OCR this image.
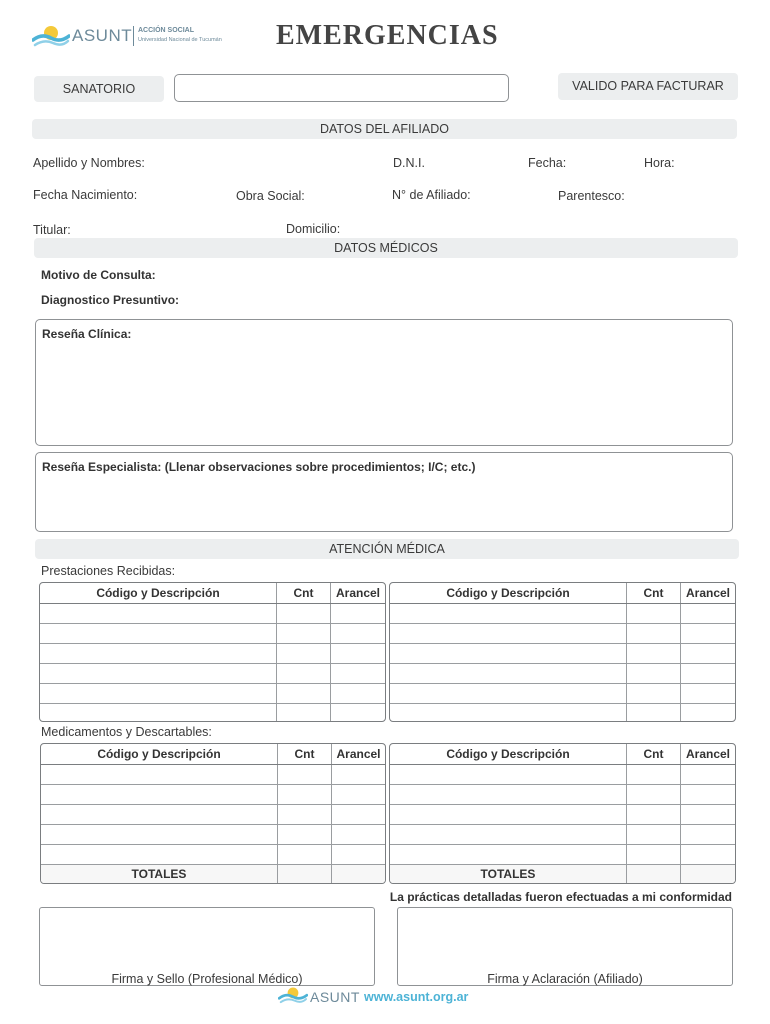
ASUNT ACCIÓN SOCIAL
Universidad Nacional de Tucumán EMERGENCIAS
SANATORIO	VALIDO PARA FACTURAR
DATOS DEL AFILIADO
Apellido y Nombres:	D.N.I.	Fecha:	Hora:
Fecha Nacimiento:	Obra Social:	N° de Afiliado:	Parentesco:
Titular:	Domicilio:
DATOS MÉDICOS
Motivo de Consulta:
Diagnostico Presuntivo:
Reseña Clínica:
Reseña Especialista: (Llenar observaciones sobre procedimientos; I/C; etc.)
ATENCIÓN MÉDICA
Prestaciones Recibidas:
Código y Descripción	Cnt	Arancel	Código y Descripción	Cnt	Arancel
Medicamentos y Descartables:
Código y Descripción	Cnt	Arancel
TOTALES
Código y Descripción	Cnt	Arancel
TOTALES
La prácticas detalladas fueron efectuadas a mi conformidad
Firma y Sello (Profesional Médico)	Firma y Aclaración (Afiliado)
ASUNT www.asunt.org.ar
